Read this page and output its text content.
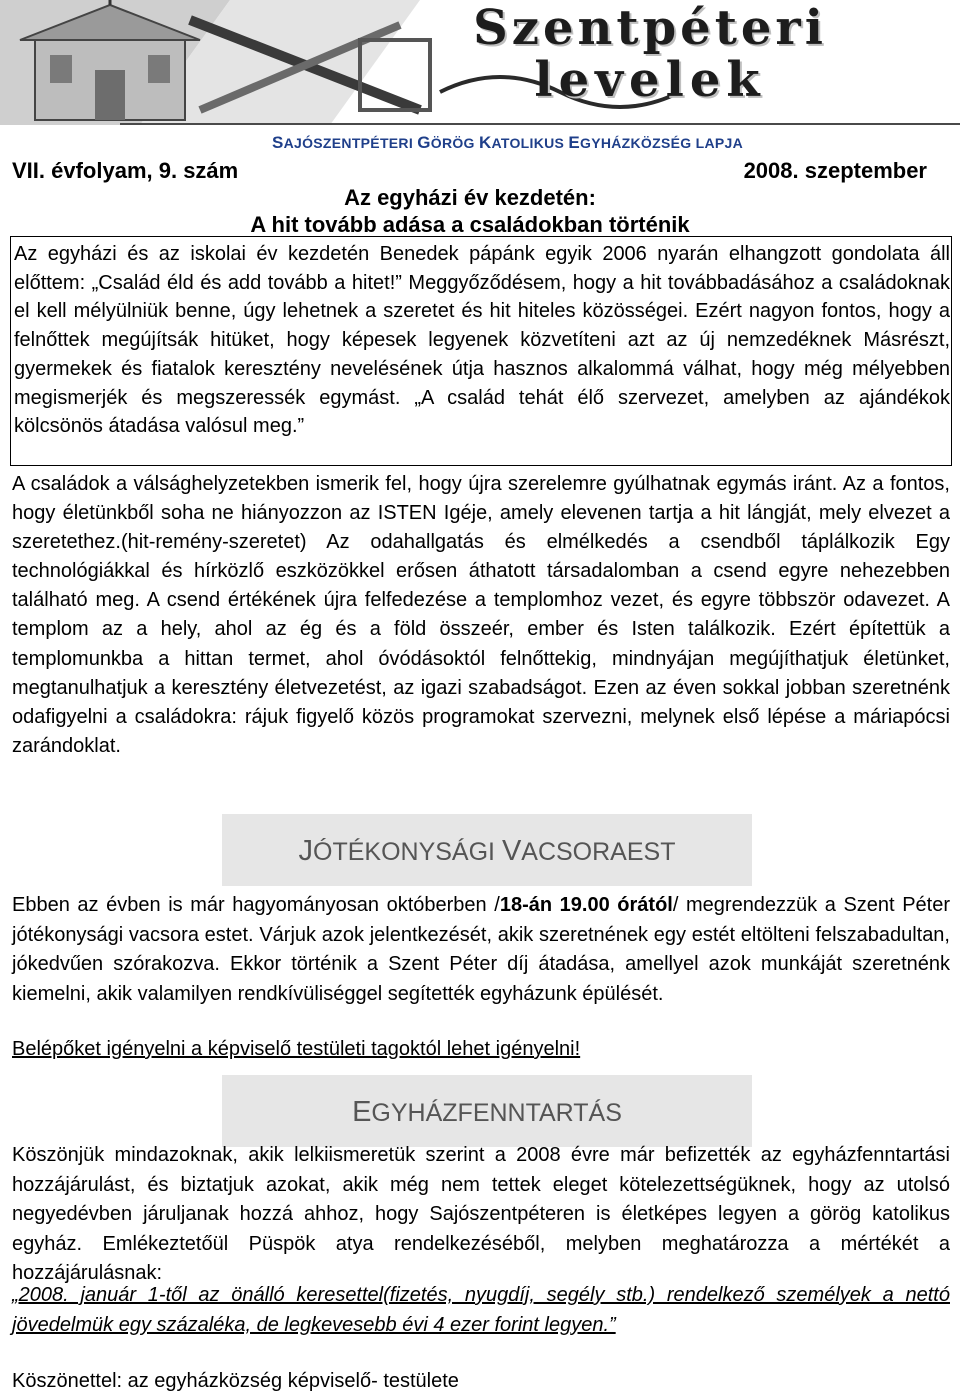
Szentpéteri
levelek
SAJÓSZENTPÉTERI GÖRÖG KATOLIKUS EGYHÁZKÖZSÉG LAPJA
VII. évfolyam, 9. szám	2008. szeptember
Az egyházi év kezdetén:
A hit tovább adása a családokban történik
Az egyházi és az iskolai év kezdetén Benedek pápánk egyik 2006 nyarán elhangzott gondolata áll előttem: „Család éld és add tovább a hitet!” Meggyőződésem, hogy a hit továbbadásához a családoknak el kell mélyülniük benne, úgy lehetnek a szeretet és hit hiteles közösségei. Ezért nagyon fontos, hogy a felnőttek megújítsák hitüket, hogy képesek legyenek közvetíteni azt az új nemzedéknek Másrészt, gyermekek és fiatalok keresztény nevelésének útja hasznos alkalommá válhat, hogy még mélyebben megismerjék és megszeressék egymást. „A család tehát élő szervezet, amelyben az ajándékok kölcsönös átadása valósul meg.”
A családok a válsághelyzetekben ismerik fel, hogy újra szerelemre gyúlhatnak egymás iránt. Az a fontos, hogy életünkből soha ne hiányozzon az ISTEN Igéje, amely elevenen tartja a hit lángját, mely elvezet a szeretethez.(hit-remény-szeretet) Az odahallgatás és elmélkedés a csendből táplálkozik Egy technológiákkal és hírközlő eszközökkel erősen áthatott társadalomban a csend egyre nehezebben található meg. A csend értékének újra felfedezése a templomhoz vezet, és egyre többször odavezet. A templom az a hely, ahol az ég és a föld összeér, ember és Isten találkozik. Ezért építettük a templomunkba a hittan termet, ahol óvódásoktól felnőttekig, mindnyájan megújíthatjuk életünket, megtanulhatjuk a keresztény életvezetést, az igazi szabadságot. Ezen az éven sokkal jobban szeretnénk odafigyelni a családokra: rájuk figyelő közös programokat szervezni, melynek első lépése a máriapócsi zarándoklat.
JÓTÉKONYSÁGI VACSORAEST
Ebben az évben is már hagyományosan októberben /18-án 19.00 órától/ megrendezzük a Szent Péter jótékonysági vacsora estet. Várjuk azok jelentkezését, akik szeretnének egy estét eltölteni felszabadultan, jókedvűen szórakozva. Ekkor történik a Szent Péter díj átadása, amellyel azok munkáját szeretnénk kiemelni, akik valamilyen rendkívüliséggel segítették egyházunk épülését.
Belépőket igényelni a képviselő testületi tagoktól lehet igényelni!
EGYHÁZFENNTARTÁS
Köszönjük mindazoknak, akik lelkiismeretük szerint a 2008 évre már befizették az egyházfenntartási hozzájárulást, és biztatjuk azokat, akik még nem tettek eleget kötelezettségüknek, hogy az utolsó negyedévben járuljanak hozzá ahhoz, hogy Sajószentpéteren is életképes legyen a görög katolikus egyház. Emlékeztetőül Püspök atya rendelkezéséből, melyben meghatározza a mértékét a hozzájárulásnak:
„2008. január 1-től az önálló keresettel(fizetés, nyugdíj, segély stb.) rendelkező személyek a nettó jövedelmük egy százaléka, de legkevesebb évi 4 ezer forint legyen.”
Köszönettel: az egyházközség képviselő- testülete
